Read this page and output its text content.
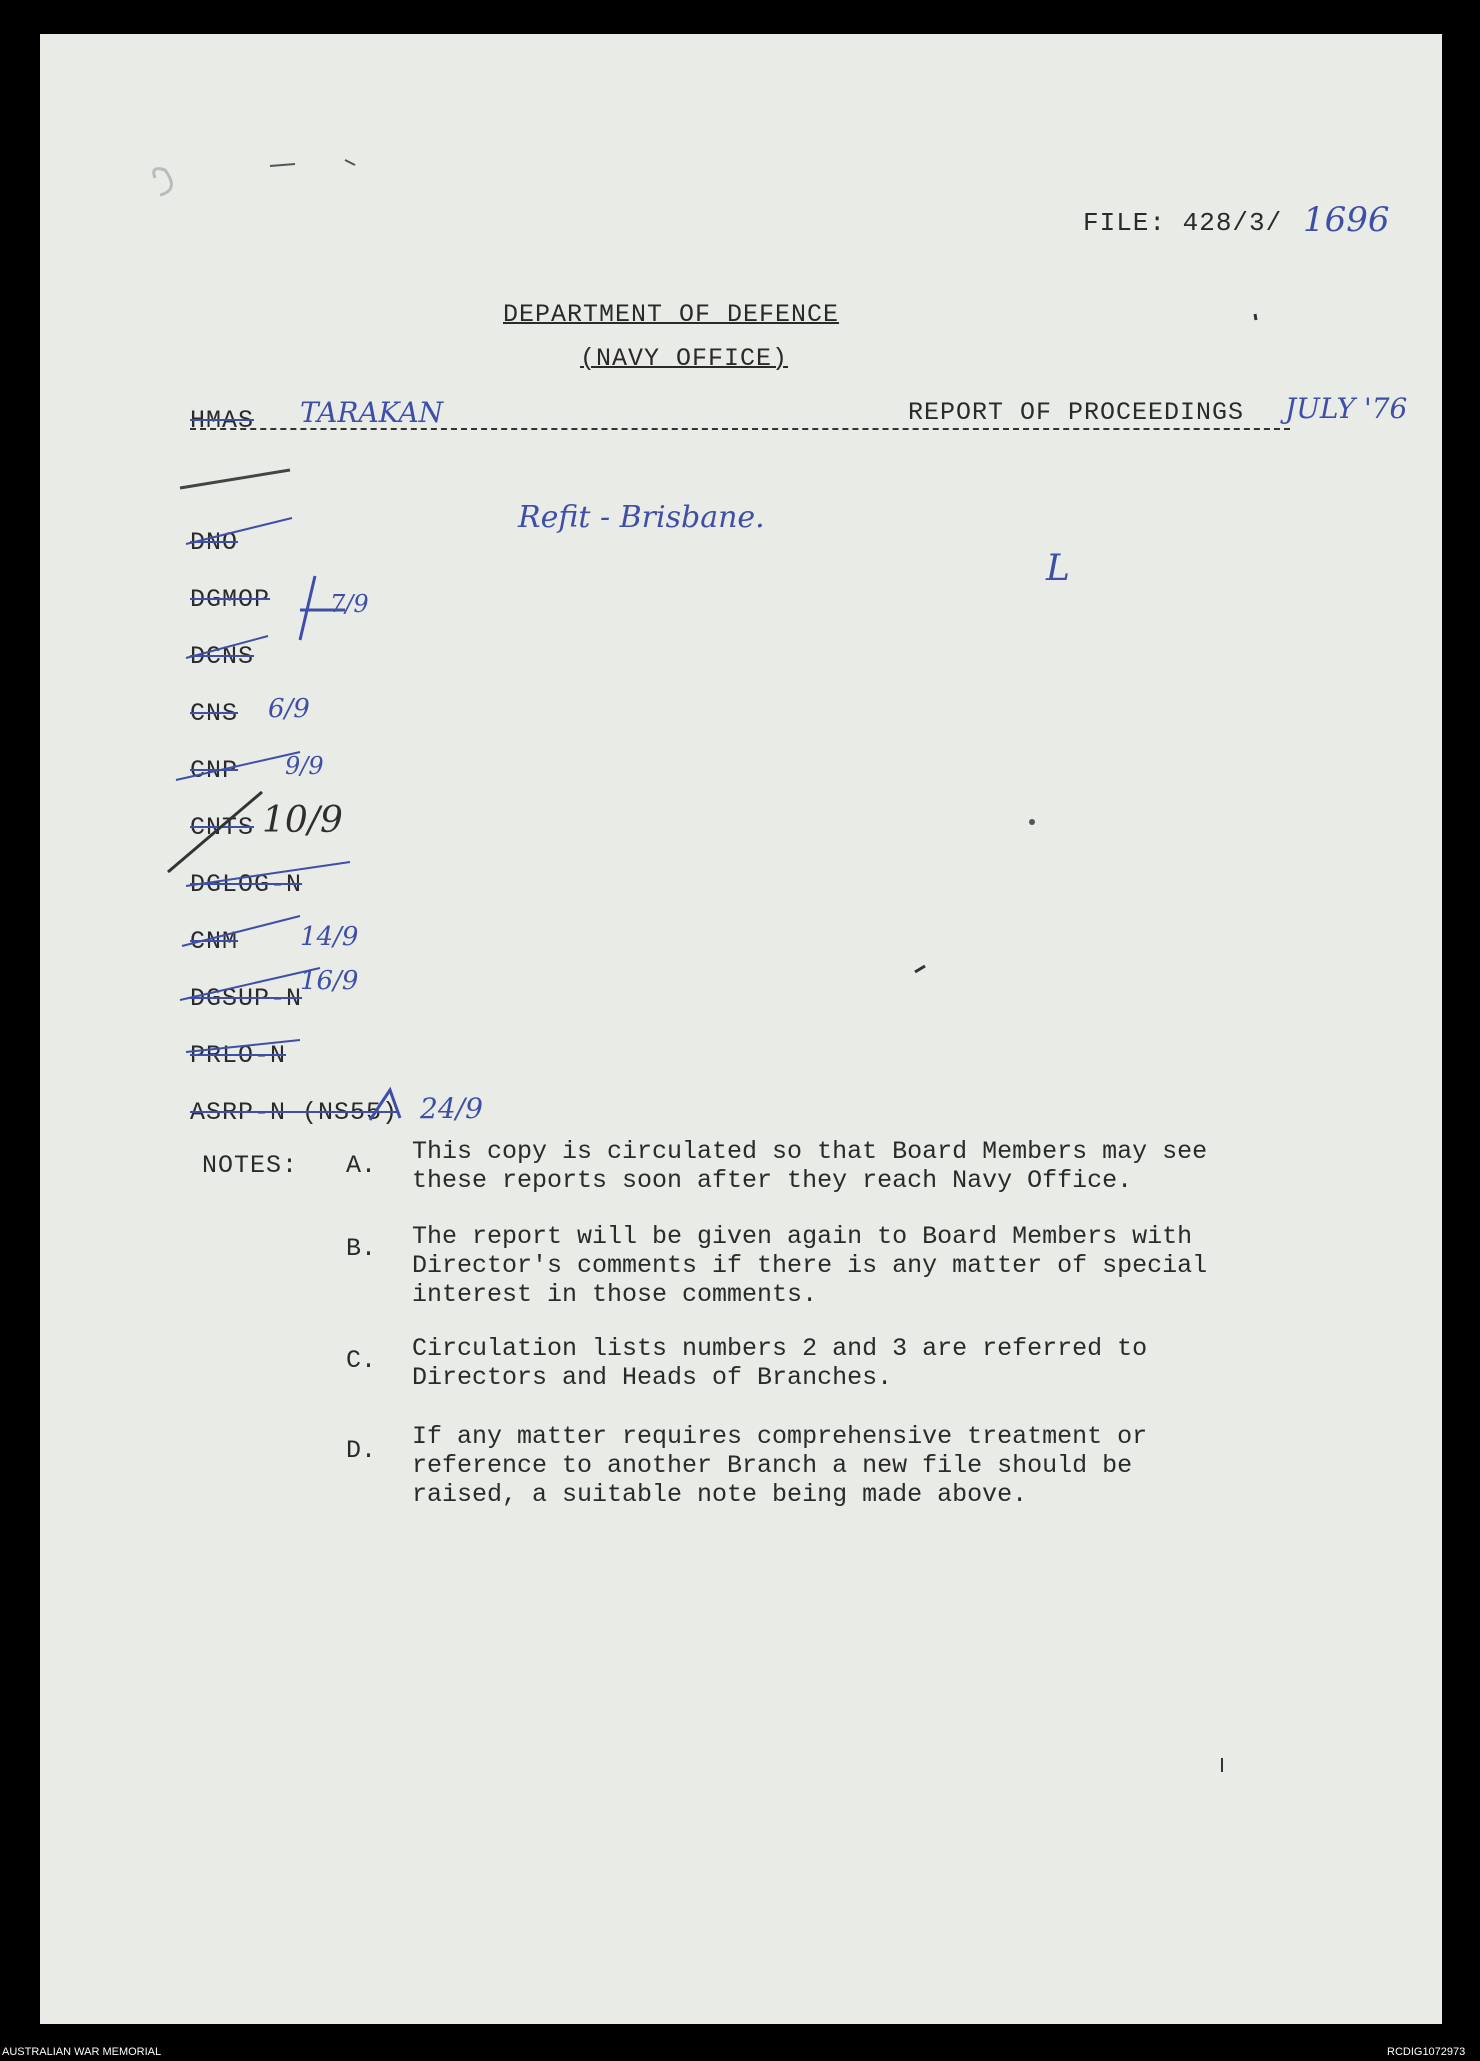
FILE: 428/3/ 1696
DEPARTMENT OF DEFENCE
(NAVY OFFICE)
HMAS TARAKAN	REPORT OF PROCEEDINGS JULY '76
Refit - Brisbane.
L
DNO
DGMOP 7/9
DCNS
CNS 6/9
CNP 9/9
CNTS 10/9
DGLOG-N
CNM 14/9
DGSUP-N
16/9
PRLO-N
ASRP-N (NS55) 24/9
NOTES: A. This copy is circulated so that Board Members may see
these reports soon after they reach Navy Office.
B. The report will be given again to Board Members with
Director's comments if there is any matter of special
interest in those comments.
C. Circulation lists numbers 2 and 3 are referred to
Directors and Heads of Branches.
D. If any matter requires comprehensive treatment or
reference to another Branch a new file should be
raised, a suitable note being made above.
AUSTRALIAN WAR MEMORIAL	RCDIG1072973
